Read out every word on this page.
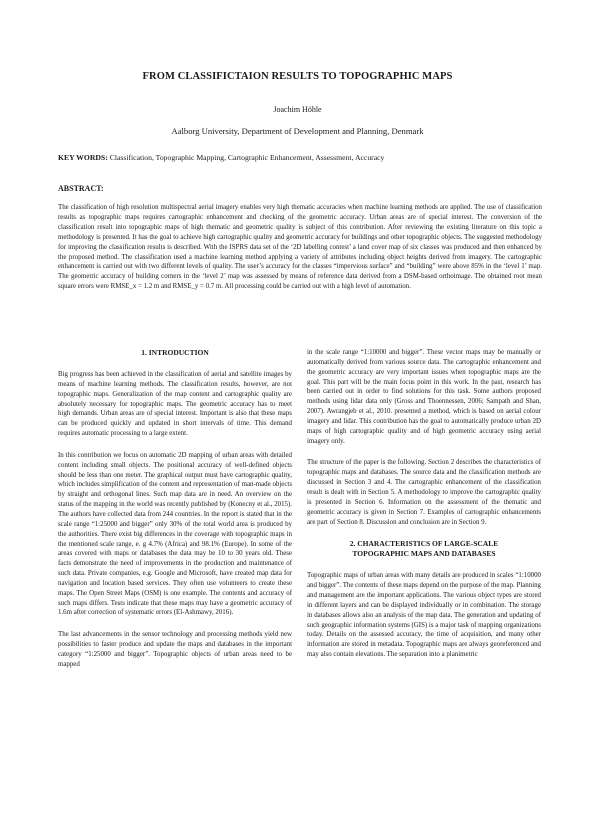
FROM CLASSIFICTAION RESULTS TO TOPOGRAPHIC MAPS
Joachim Höhle
Aalborg University, Department of Development and Planning, Denmark
KEY WORDS: Classification, Topographic Mapping, Cartographic Enhancement, Assessment, Accuracy
ABSTRACT:

The classification of high resolution multispectral aerial imagery enables very high thematic accuracies when machine learning methods are applied. The use of classification results as topographic maps requires cartographic enhancement and checking of the geometric accuracy. Urban areas are of special interest. The conversion of the classification result into topographic maps of high thematic and geometric quality is subject of this contribution. After reviewing the existing literature on this topic a methodology is presented. It has the goal to achieve high cartographic quality and geometric accuracy for buildings and other topographic objects. The suggested methodology for improving the classification results is described. With the ISPRS data set of the ‘2D labelling contest’ a land cover map of six classes was produced and then enhanced by the proposed method. The classification used a machine learning method applying a variety of attributes including object heights derived from imagery. The cartographic enhancement is carried out with two different levels of quality. The user’s accuracy for the classes “impervious surface” and “building” were above 85% in the ‘level 1’ map. The geometric accuracy of building corners in the ‘level 2’ map was assessed by means of reference data derived from a DSM-based orthoimage. The obtained root mean square errors were RMSE_x = 1.2 m and RMSE_y = 0.7 m. All processing could be carried out with a high level of automation.

1. INTRODUCTION

Big progress has been achieved in the classification of aerial and satellite images by means of machine learning methods. The classification results, however, are not topographic maps. Generalization of the map content and cartographic quality are absolutely necessary for topographic maps. The geometric accuracy has to meet high demands. Urban areas are of special interest. Important is also that these maps can be produced quickly and updated in short intervals of time. This demand requires automatic processing to a large extent.

In this contribution we focus on automatic 2D mapping of urban areas with detailed content including small objects. The positional accuracy of well-defined objects should be less than one meter. The graphical output must have cartographic quality, which includes simplification of the content and representation of man-made objects by straight and orthogonal lines. Such map data are in need. An overview on the status of the mapping in the world was recently published by (Konecny et al., 2015). The authors have collected data from 244 countries. In the report is stated that in the scale range “1:25000 and bigger” only 30% of the total world area is produced by the authorities. There exist big differences in the coverage with topographic maps in the mentioned scale range, e. g 4.7% (Africa) and 98.1% (Europe). In some of the areas covered with maps or databases the data may be 10 to 30 years old. These facts demonstrate the need of improvements in the production and maintenance of such data. Private companies, e.g. Google and Microsoft, have created map data for navigation and location based services. They often use volunteers to create these maps. The Open Street Maps (OSM) is one example. The contents and accuracy of such maps differs. Tests indicate that these maps may have a geometric accuracy of 1.6m after correction of systematic errors (El-Ashmawy, 2016).

The last advancements in the sensor technology and processing methods yield new possibilities to faster produce and update the maps and databases in the important category “1:25000 and bigger”. Topographic objects of urban areas need to be mapped

in the scale range “1:10000 and bigger”. These vector maps may be manually or automatically derived from various source data. The cartographic enhancement and the geometric accuracy are very important issues when topographic maps are the goal. This part will be the main focus point in this work. In the past, research has been carried out in order to find solutions for this task. Some authors proposed methods using lidar data only (Gross and Thoennessen, 2006; Sampath and Shan, 2007). Awrangjeb et al., 2010. presented a method, which is based on aerial colour imagery and lidar. This contribution has the goal to automatically produce urban 2D maps of high cartographic quality and of high geometric accuracy using aerial imagery only.

The structure of the paper is the following. Section 2 describes the characteristics of topographic maps and databases. The source data and the classification methods are discussed in Section 3 and 4. The cartographic enhancement of the classification result is dealt with in Section 5. A methodology to improve the cartographic quality is presented in Section 6. Information on the assessment of the thematic and geometric accuracy is given in Section 7. Examples of cartographic enhancements are part of Section 8. Discussion and conclusion are in Section 9.

2. CHARACTERISTICS OF LARGE-SCALE
TOPOGRAPHIC MAPS AND DATABASES

Topographic maps of urban areas with many details are produced in scales “1:10000 and bigger”. The contents of these maps depend on the purpose of the map. Planning and management are the important applications. The various object types are stored in different layers and can be displayed individually or in combination. The storage in databases allows also an analysis of the map data. The generation and updating of such geographic information systems (GIS) is a major task of mapping organizations today. Details on the assessed accuracy, the time of acquisition, and many other information are stored in metadata. Topographic maps are always georeferenced and may also contain elevations. The separation into a planimetric
